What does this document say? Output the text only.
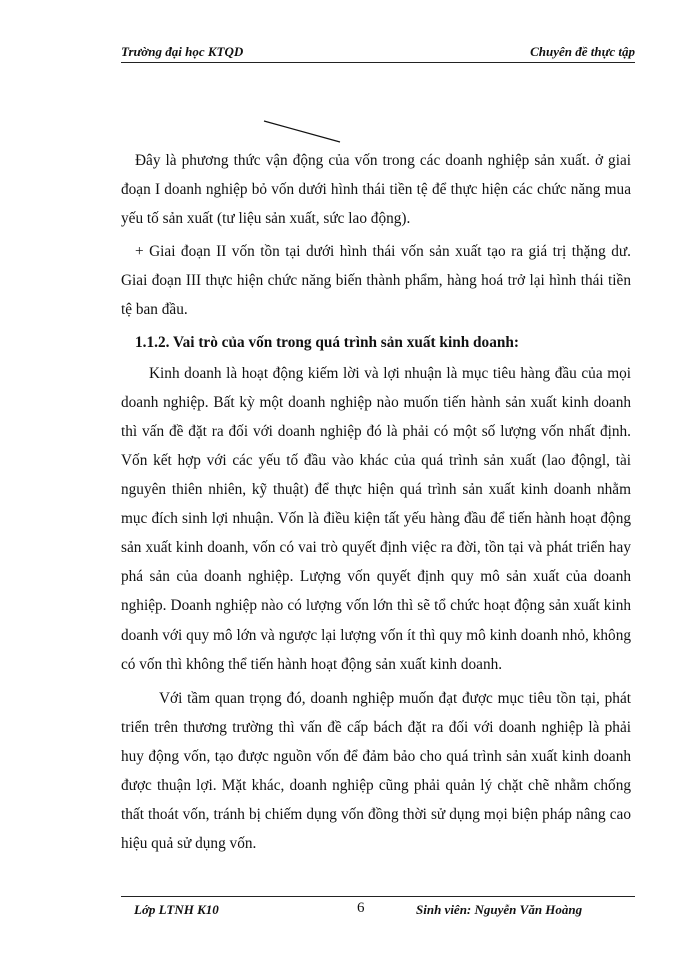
Trường đại học KTQD	Chuyên đề thực tập

Đây là phương thức vận động của vốn trong các doanh nghiệp sản xuất. ở giai đoạn I doanh nghiệp bỏ vốn dưới hình thái tiền tệ để thực hiện các chức năng mua yếu tố sản xuất (tư liệu sản xuất, sức lao động).

+ Giai đoạn II vốn tồn tại dưới hình thái vốn sản xuất tạo ra giá trị thặng dư. Giai đoạn III thực hiện chức năng biến thành phẩm, hàng hoá trở lại hình thái tiền tệ ban đầu.

1.1.2. Vai trò của vốn trong quá trình sản xuất kinh doanh:

Kinh doanh là hoạt động kiếm lời và lợi nhuận là mục tiêu hàng đầu của mọi doanh nghiệp. Bất kỳ một doanh nghiệp nào muốn tiến hành sản xuất kinh doanh thì vấn đề đặt ra đối với doanh nghiệp đó là phải có một số lượng vốn nhất định. Vốn kết hợp với các yếu tố đầu vào khác của quá trình sản xuất (lao độngl, tài nguyên thiên nhiên, kỹ thuật) để thực hiện quá trình sản xuất kinh doanh nhằm mục đích sinh lợi nhuận. Vốn là điều kiện tất yếu hàng đầu để tiến hành hoạt động sản xuất kinh doanh, vốn có vai trò quyết định việc ra đời, tồn tại và phát triển hay phá sản của doanh nghiệp. Lượng vốn quyết định quy mô sản xuất của doanh nghiệp. Doanh nghiệp nào có lượng vốn lớn thì sẽ tổ chức hoạt động sản xuất kinh doanh với quy mô lớn và ngược lại lượng vốn ít thì quy mô kinh doanh nhỏ, không có vốn thì không thể tiến hành hoạt động sản xuất kinh doanh.

Với tầm quan trọng đó, doanh nghiệp muốn đạt được mục tiêu tồn tại, phát triển trên thương trường thì vấn đề cấp bách đặt ra đối với doanh nghiệp là phải huy động vốn, tạo được nguồn vốn để đảm bảo cho quá trình sản xuất kinh doanh được thuận lợi. Mặt khác, doanh nghiệp cũng phải quản lý chặt chẽ nhằm chống thất thoát vốn, tránh bị chiếm dụng vốn đồng thời sử dụng mọi biện pháp nâng cao hiệu quả sử dụng vốn.

Lớp LTNH K10	6	Sinh viên: Nguyễn Văn Hoàng
